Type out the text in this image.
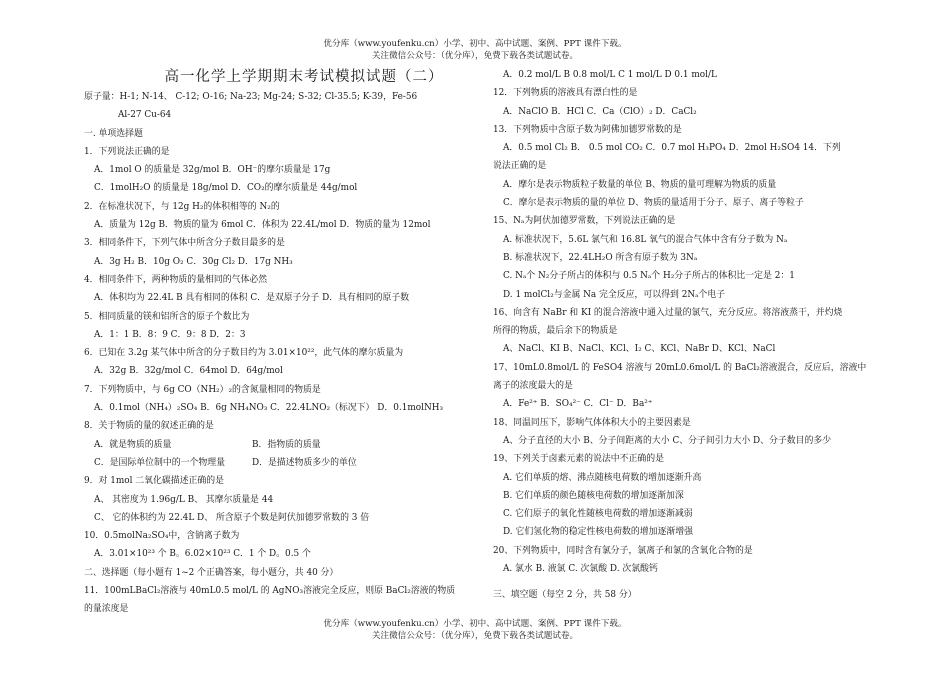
优分库（www.youfenku.cn）小学、初中、高中试题、案例、PPT 课件下载。
关注微信公众号：（优分库），免费下载各类试题试卷。
高一化学上学期期末考试模拟试题（二）
原子量：H-1; N-14、 C-12; O-16; Na-23; Mg-24; S-32; Cl-35.5; K-39，Fe-56
Al-27 Cu-64
一. 单项选择题
1．下列说法正确的是
A．1mol O 的质量是 32g/mol B．OH⁻的摩尔质量是 17g
C．1molH₂O 的质量是 18g/mol D．CO₂的摩尔质量是 44g/mol
2．在标准状况下，与 12g H₂的体积相等的 N₂的
A．质量为 12g B．物质的量为 6mol C．体积为 22.4L/mol D．物质的量为 12mol
3．相同条件下，下列气体中所含分子数目最多的是
A．3g H₂ B．10g O₂ C．30g Cl₂ D．17g NH₃
4．相同条件下，两种物质的量相同的气体必然
A．体积均为 22.4L B 具有相同的体积 C．是双原子分子 D．具有相同的原子数
5．相同质量的镁和铝所含的原子个数比为
A．1：1 B．8：9 C．9：8 D．2：3
6．已知在 3.2g 某气体中所含的分子数目约为 3.01×10²²，此气体的摩尔质量为
A．32g B．32g/mol C．64mol D．64g/mol
7．下列物质中，与 6g CO（NH₂）₂的含氮量相同的物质是
A．0.1mol（NH₄）₂SO₄ B．6g NH₄NO₃ C．22.4LNO₂（标况下） D．0.1molNH₃
8．关于物质的量的叙述正确的是
A．就是物质的质量	B．指物质的质量
C．是国际单位制中的一个物理量	D．是描述物质多少的单位
9．对 1mol 二氧化碳描述正确的是
A、 其密度为 1.96g/L B、 其摩尔质量是 44
C、 它的体积约为 22.4L D、 所含原子个数是阿伏加德罗常数的 3 倍
10．0.5molNa₂SO₄中，含钠离子数为
A．3.01×10²³ 个 B。6.02×10²³ C．1 个 D。0.5 个
二、选择题（每小题有 1~2 个正确答案，每小题分，共 40 分）
11．100mLBaCl₂溶液与 40mL0.5 mol/L 的 AgNO₃溶液完全反应，则原 BaCl₂溶液的物质
的量浓度是
A．0.2 mol/L B 0.8 mol/L C 1 mol/L D 0.1 mol/L
12．下列物质的溶液具有漂白性的是
A．NaClO B．HCl C．Ca（ClO）₂ D．CaCl₂
13．下列物质中含原子数为阿佛加德罗常数的是
A．0.5 mol Cl₂ B． 0.5 mol CO₂ C．0.7 mol H₃PO₄ D．2mol H₂SO4 14．下列
说法正确的是
A．摩尔是表示物质粒子数量的单位 B、物质的量可理解为物质的质量
C．摩尔是表示物质的量的单位 D、物质的量适用于分子、原子、离子等粒子
15、Nₐ为阿伏加德罗常数，下列说法正确的是
A. 标准状况下，5.6L 氯气和 16.8L 氧气的混合气体中含有分子数为 Nₐ
B. 标准状况下，22.4LH₂O 所含有原子数为 3Nₐ
C. Nₐ个 N₂分子所占的体积与 0.5 Nₐ个 H₂分子所占的体积比一定是 2：1
D. 1 molCl₂与金属 Na 完全反应，可以得到 2Nₐ个电子
16、向含有 NaBr 和 KI 的混合溶液中通入过量的氯气，充分反应。将溶液蒸干，并灼烧
所得的物质，最后余下的物质是
A、NaCl、KI B、NaCl、KCl、I₂ C、KCl、NaBr D、KCl、NaCl
17、10mL0.8mol/L 的 FeSO4 溶液与 20mL0.6mol/L 的 BaCl₂溶液混合，反应后，溶液中
离子的浓度最大的是
A．Fe²⁺ B．SO₄²⁻ C．Cl⁻ D．Ba²⁺
18、同温同压下，影响气体体积大小的主要因素是
A、分子直径的大小 B、分子间距离的大小 C、分子间引力大小 D、分子数目的多少
19、下列关于卤素元素的说法中不正确的是
A. 它们单质的熔、沸点随核电荷数的增加逐渐升高
B. 它们单质的颜色随核电荷数的增加逐渐加深
C. 它们原子的氧化性随核电荷数的增加逐渐减弱
D. 它们氢化物的稳定性核电荷数的增加逐渐增强
20、下列物质中，同时含有氯分子，氯离子和氯的含氧化合物的是
A. 氯水 B. 液氯 C. 次氯酸 D. 次氯酸钙
三、填空题（每空 2 分，共 58 分）
优分库（www.youfenku.cn）小学、初中、高中试题、案例、PPT 课件下载。
关注微信公众号：（优分库），免费下载各类试题试卷。
